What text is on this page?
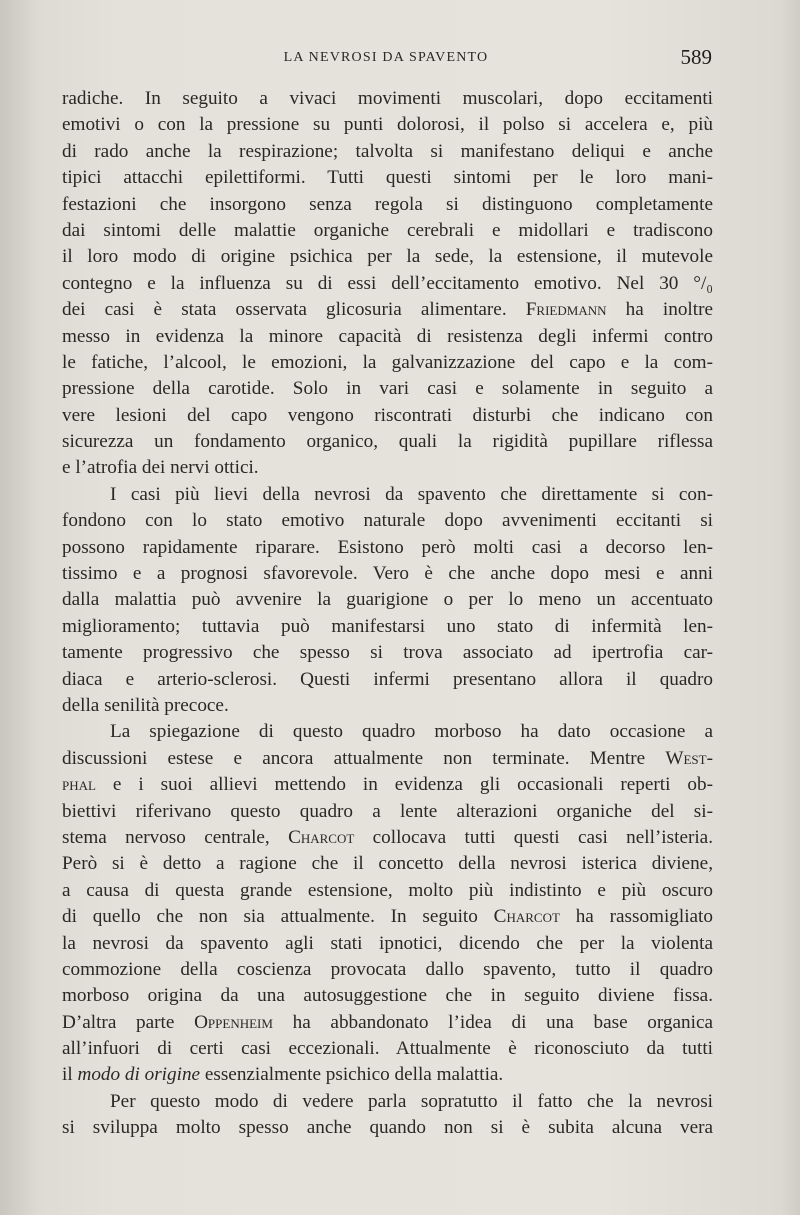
LA NEVROSI DA SPAVENTO	589
radiche. In seguito a vivaci movimenti muscolari, dopo eccitamenti
emotivi o con la pressione su punti dolorosi, il polso si accelera e, più
di rado anche la respirazione; talvolta si manifestano deliqui e anche
tipici attacchi epilettiformi. Tutti questi sintomi per le loro mani-
festazioni che insorgono senza regola si distinguono completamente
dai sintomi delle malattie organiche cerebrali e midollari e tradiscono
il loro modo di origine psichica per la sede, la estensione, il mutevole
contegno e la influenza su di essi dell’eccitamento emotivo. Nel 30 °/₀
dei casi è stata osservata glicosuria alimentare. Friedmann ha inoltre
messo in evidenza la minore capacità di resistenza degli infermi contro
le fatiche, l’alcool, le emozioni, la galvanizzazione del capo e la com-
pressione della carotide. Solo in vari casi e solamente in seguito a
vere lesioni del capo vengono riscontrati disturbi che indicano con
sicurezza un fondamento organico, quali la rigidità pupillare riflessa
e l’atrofia dei nervi ottici.
I casi più lievi della nevrosi da spavento che direttamente si con-
fondono con lo stato emotivo naturale dopo avvenimenti eccitanti si
possono rapidamente riparare. Esistono però molti casi a decorso len-
tissimo e a prognosi sfavorevole. Vero è che anche dopo mesi e anni
dalla malattia può avvenire la guarigione o per lo meno un accentuato
miglioramento; tuttavia può manifestarsi uno stato di infermità len-
tamente progressivo che spesso si trova associato ad ipertrofia car-
diaca e arterio-sclerosi. Questi infermi presentano allora il quadro
della senilità precoce.
La spiegazione di questo quadro morboso ha dato occasione a
discussioni estese e ancora attualmente non terminate. Mentre West-
phal e i suoi allievi mettendo in evidenza gli occasionali reperti ob-
biettivi riferivano questo quadro a lente alterazioni organiche del si-
stema nervoso centrale, Charcot collocava tutti questi casi nell’isteria.
Però si è detto a ragione che il concetto della nevrosi isterica diviene,
a causa di questa grande estensione, molto più indistinto e più oscuro
di quello che non sia attualmente. In seguito Charcot ha rassomigliato
la nevrosi da spavento agli stati ipnotici, dicendo che per la violenta
commozione della coscienza provocata dallo spavento, tutto il quadro
morboso origina da una autosuggestione che in seguito diviene fissa.
D’altra parte Oppenheim ha abbandonato l’idea di una base organica
all’infuori di certi casi eccezionali. Attualmente è riconosciuto da tutti
il modo di origine essenzialmente psichico della malattia.
Per questo modo di vedere parla sopratutto il fatto che la nevrosi
si sviluppa molto spesso anche quando non si è subita alcuna vera
